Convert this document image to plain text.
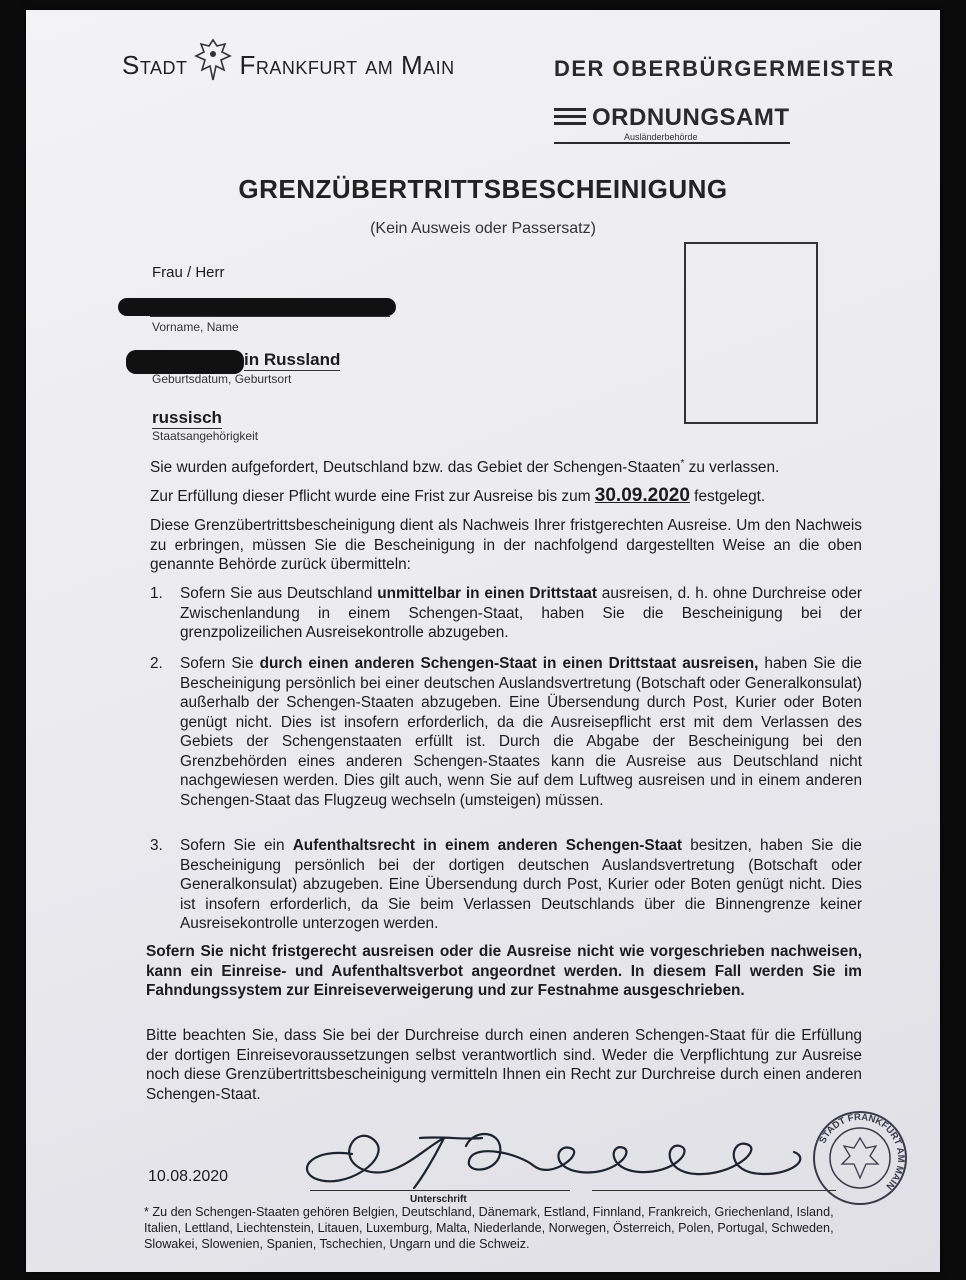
Stadt Frankfurt am Main	DER OBERBÜRGERMEISTER
ORDNUNGSAMT
Ausländerbehörde
GRENZÜBERTRITTSBESCHEINIGUNG
(Kein Ausweis oder Passersatz)
Frau / Herr
Vorname, Name
in Russland
Geburtsdatum, Geburtsort
russisch
Staatsangehörigkeit
Sie wurden aufgefordert, Deutschland bzw. das Gebiet der Schengen-Staaten* zu verlassen.
Zur Erfüllung dieser Pflicht wurde eine Frist zur Ausreise bis zum 30.09.2020 festgelegt.
Diese Grenzübertrittsbescheinigung dient als Nachweis Ihrer fristgerechten Ausreise. Um den Nachweis zu erbringen, müssen Sie die Bescheinigung in der nachfolgend dargestellten Weise an die oben genannte Behörde zurück übermitteln:
1. Sofern Sie aus Deutschland unmittelbar in einen Drittstaat ausreisen, d. h. ohne Durchreise oder Zwischenlandung in einem Schengen-Staat, haben Sie die Bescheinigung bei der grenzpolizeilichen Ausreisekontrolle abzugeben.
2. Sofern Sie durch einen anderen Schengen-Staat in einen Drittstaat ausreisen, haben Sie die Bescheinigung persönlich bei einer deutschen Auslandsvertretung (Botschaft oder Generalkonsulat) außerhalb der Schengen-Staaten abzugeben. Eine Übersendung durch Post, Kurier oder Boten genügt nicht. Dies ist insofern erforderlich, da die Ausreisepflicht erst mit dem Verlassen des Gebiets der Schengenstaaten erfüllt ist. Durch die Abgabe der Bescheinigung bei den Grenzbehörden eines anderen Schengen-Staates kann die Ausreise aus Deutschland nicht nachgewiesen werden. Dies gilt auch, wenn Sie auf dem Luftweg ausreisen und in einem anderen Schengen-Staat das Flugzeug wechseln (umsteigen) müssen.
3. Sofern Sie ein Aufenthaltsrecht in einem anderen Schengen-Staat besitzen, haben Sie die Bescheinigung persönlich bei der dortigen deutschen Auslandsvertretung (Botschaft oder Generalkonsulat) abzugeben. Eine Übersendung durch Post, Kurier oder Boten genügt nicht. Dies ist insofern erforderlich, da Sie beim Verlassen Deutschlands über die Binnengrenze keiner Ausreisekontrolle unterzogen werden.
Sofern Sie nicht fristgerecht ausreisen oder die Ausreise nicht wie vorgeschrieben nachweisen, kann ein Einreise- und Aufenthaltsverbot angeordnet werden. In diesem Fall werden Sie im Fahndungssystem zur Einreiseverweigerung und zur Festnahme ausgeschrieben.
Bitte beachten Sie, dass Sie bei der Durchreise durch einen anderen Schengen-Staat für die Erfüllung der dortigen Einreisevoraussetzungen selbst verantwortlich sind. Weder die Verpflichtung zur Ausreise noch diese Grenzübertrittsbescheinigung vermitteln Ihnen ein Recht zur Durchreise durch einen anderen Schengen-Staat.
10.08.2020
Unterschrift
STADT FRANKFURT AM MAIN
* Zu den Schengen-Staaten gehören Belgien, Deutschland, Dänemark, Estland, Finnland, Frankreich, Griechenland, Island, Italien, Lettland, Liechtenstein, Litauen, Luxemburg, Malta, Niederlande, Norwegen, Österreich, Polen, Portugal, Schweden, Slowakei, Slowenien, Spanien, Tschechien, Ungarn und die Schweiz.
